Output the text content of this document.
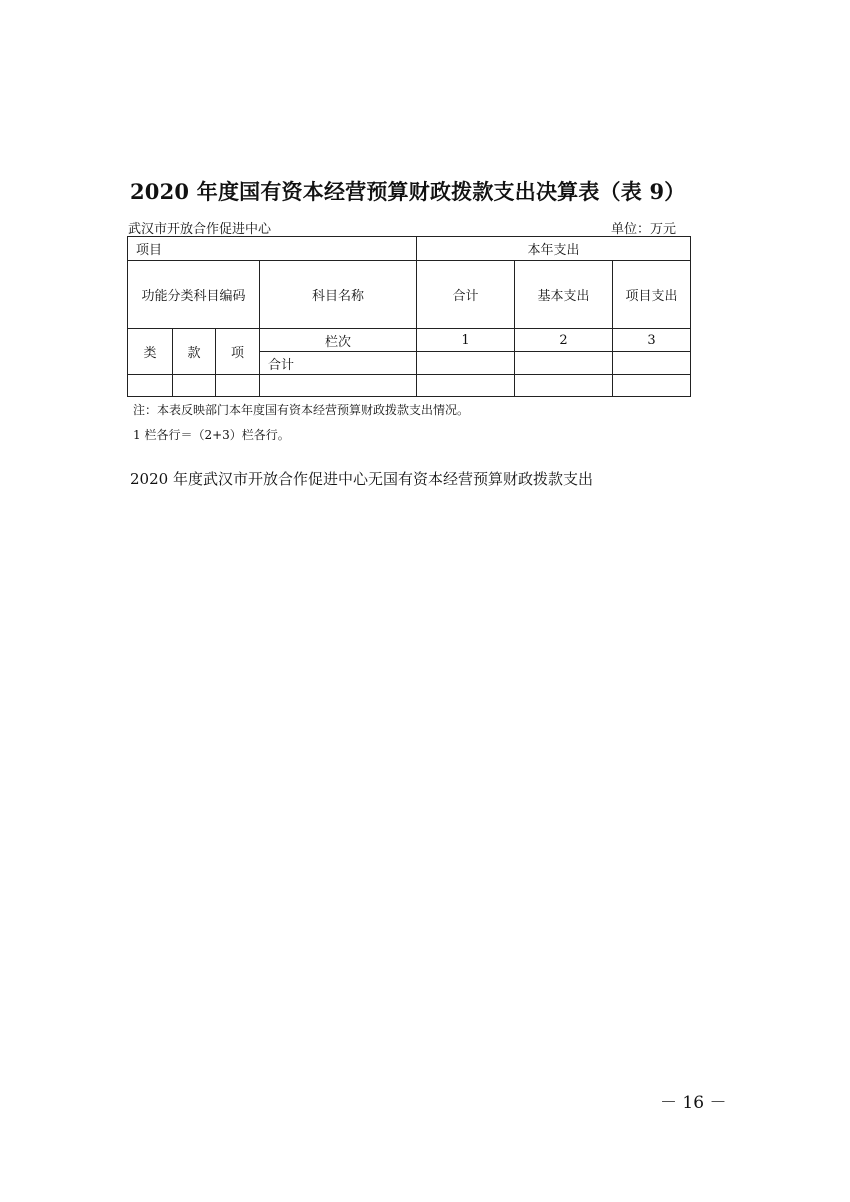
2020 年度国有资本经营预算财政拨款支出决算表（表 9）
武汉市开放合作促进中心	单位：万元
项目	本年支出
功能分类科目编码	科目名称	合计	基本支出	项目支出
类	款	项
栏次	1	2	3
合计
注：本表反映部门本年度国有资本经营预算财政拨款支出情况。
1 栏各行＝（2+3）栏各行。
2020 年度武汉市开放合作促进中心无国有资本经营预算财政拨款支出
－ 16 －
